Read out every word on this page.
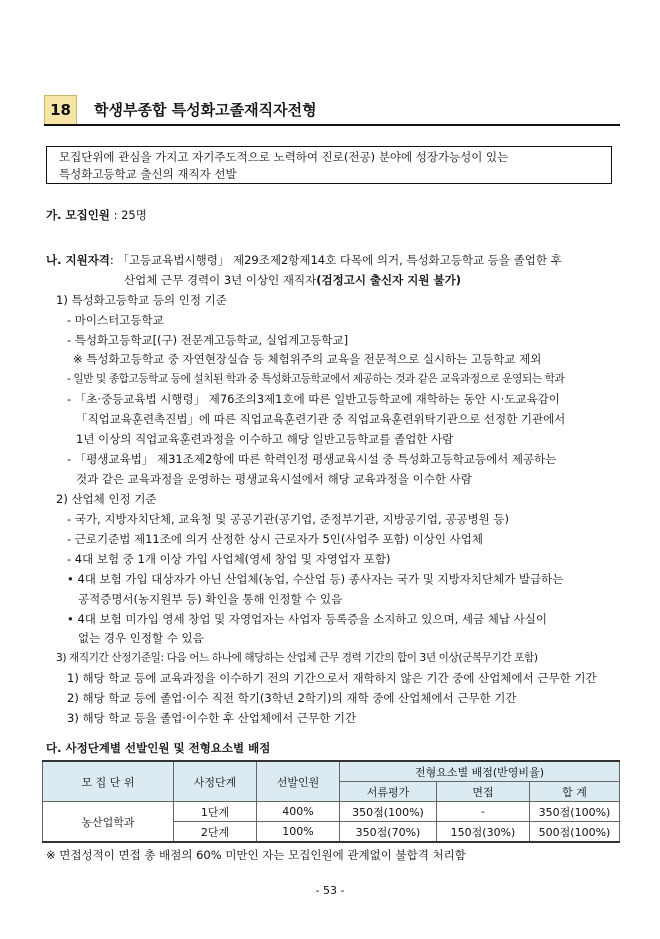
18	학생부종합 특성화고졸재직자전형
모집단위에 관심을 가지고 자기주도적으로 노력하여 진로(전공) 분야에 성장가능성이 있는
특성화고등학교 출신의 재직자 선발
가. 모집인원 : 25명
나. 지원자격: 「고등교육법시행령」 제29조제2항제14호 다목에 의거, 특성화고등학교 등을 졸업한 후
산업체 근무 경력이 3년 이상인 재직자(검정고시 출신자 지원 불가)
1) 특성화고등학교 등의 인정 기준
- 마이스터고등학교
- 특성화고등학교[(구) 전문계고등학교, 실업계고등학교]
※ 특성화고등학교 중 자연현장실습 등 체험위주의 교육을 전문적으로 실시하는 고등학교 제외
- 일반 및 종합고등학교 등에 설치된 학과 중 특성화고등학교에서 제공하는 것과 같은 교육과정으로 운영되는 학과
- 「초·중등교육법 시행령」 제76조의3제1호에 따른 일반고등학교에 재학하는 동안 시·도교육감이
「직업교육훈련촉진법」에 따른 직업교육훈련기관 중 직업교육훈련위탁기관으로 선정한 기관에서
1년 이상의 직업교육훈련과정을 이수하고 해당 일반고등학교를 졸업한 사람
- 「평생교육법」 제31조제2항에 따른 학력인정 평생교육시설 중 특성화고등학교등에서 제공하는
것과 같은 교육과정을 운영하는 평생교육시설에서 해당 교육과정을 이수한 사람
2) 산업체 인정 기준
- 국가, 지방자치단체, 교육청 및 공공기관(공기업, 준정부기관, 지방공기업, 공공병원 등)
- 근로기준법 제11조에 의거 산정한 상시 근로자가 5인(사업주 포함) 이상인 사업체
- 4대 보험 중 1개 이상 가입 사업체(영세 창업 및 자영업자 포함)
• 4대 보험 가입 대상자가 아닌 산업체(농업, 수산업 등) 종사자는 국가 및 지방자치단체가 발급하는
공적증명서(농지원부 등) 확인을 통해 인정할 수 있음
• 4대 보험 미가입 영세 창업 및 자영업자는 사업자 등록증을 소지하고 있으며, 세금 체납 사실이
없는 경우 인정할 수 있음
3) 재직기간 산정기준일: 다음 어느 하나에 해당하는 산업체 근무 경력 기간의 합이 3년 이상(군복무기간 포함)
1) 해당 학교 등에 교육과정을 이수하기 전의 기간으로서 재학하지 않은 기간 중에 산업체에서 근무한 기간
2) 해당 학교 등에 졸업·이수 직전 학기(3학년 2학기)의 재학 중에 산업체에서 근무한 기간
3) 해당 학교 등을 졸업·이수한 후 산업체에서 근무한 기간
다. 사정단계별 선발인원 및 전형요소별 배점
모 집 단 위	사정단계	선발인원	전형요소별 배점(반영비율)		
			서류평가	면접	합 계
농산업학과	1단계	400%	350점(100%)	-	350점(100%)
	2단계	100%	350점(70%)	150점(30%)	500점(100%)
※ 면접성적이 면접 총 배점의 60% 미만인 자는 모집인원에 관계없이 불합격 처리함
- 53 -
